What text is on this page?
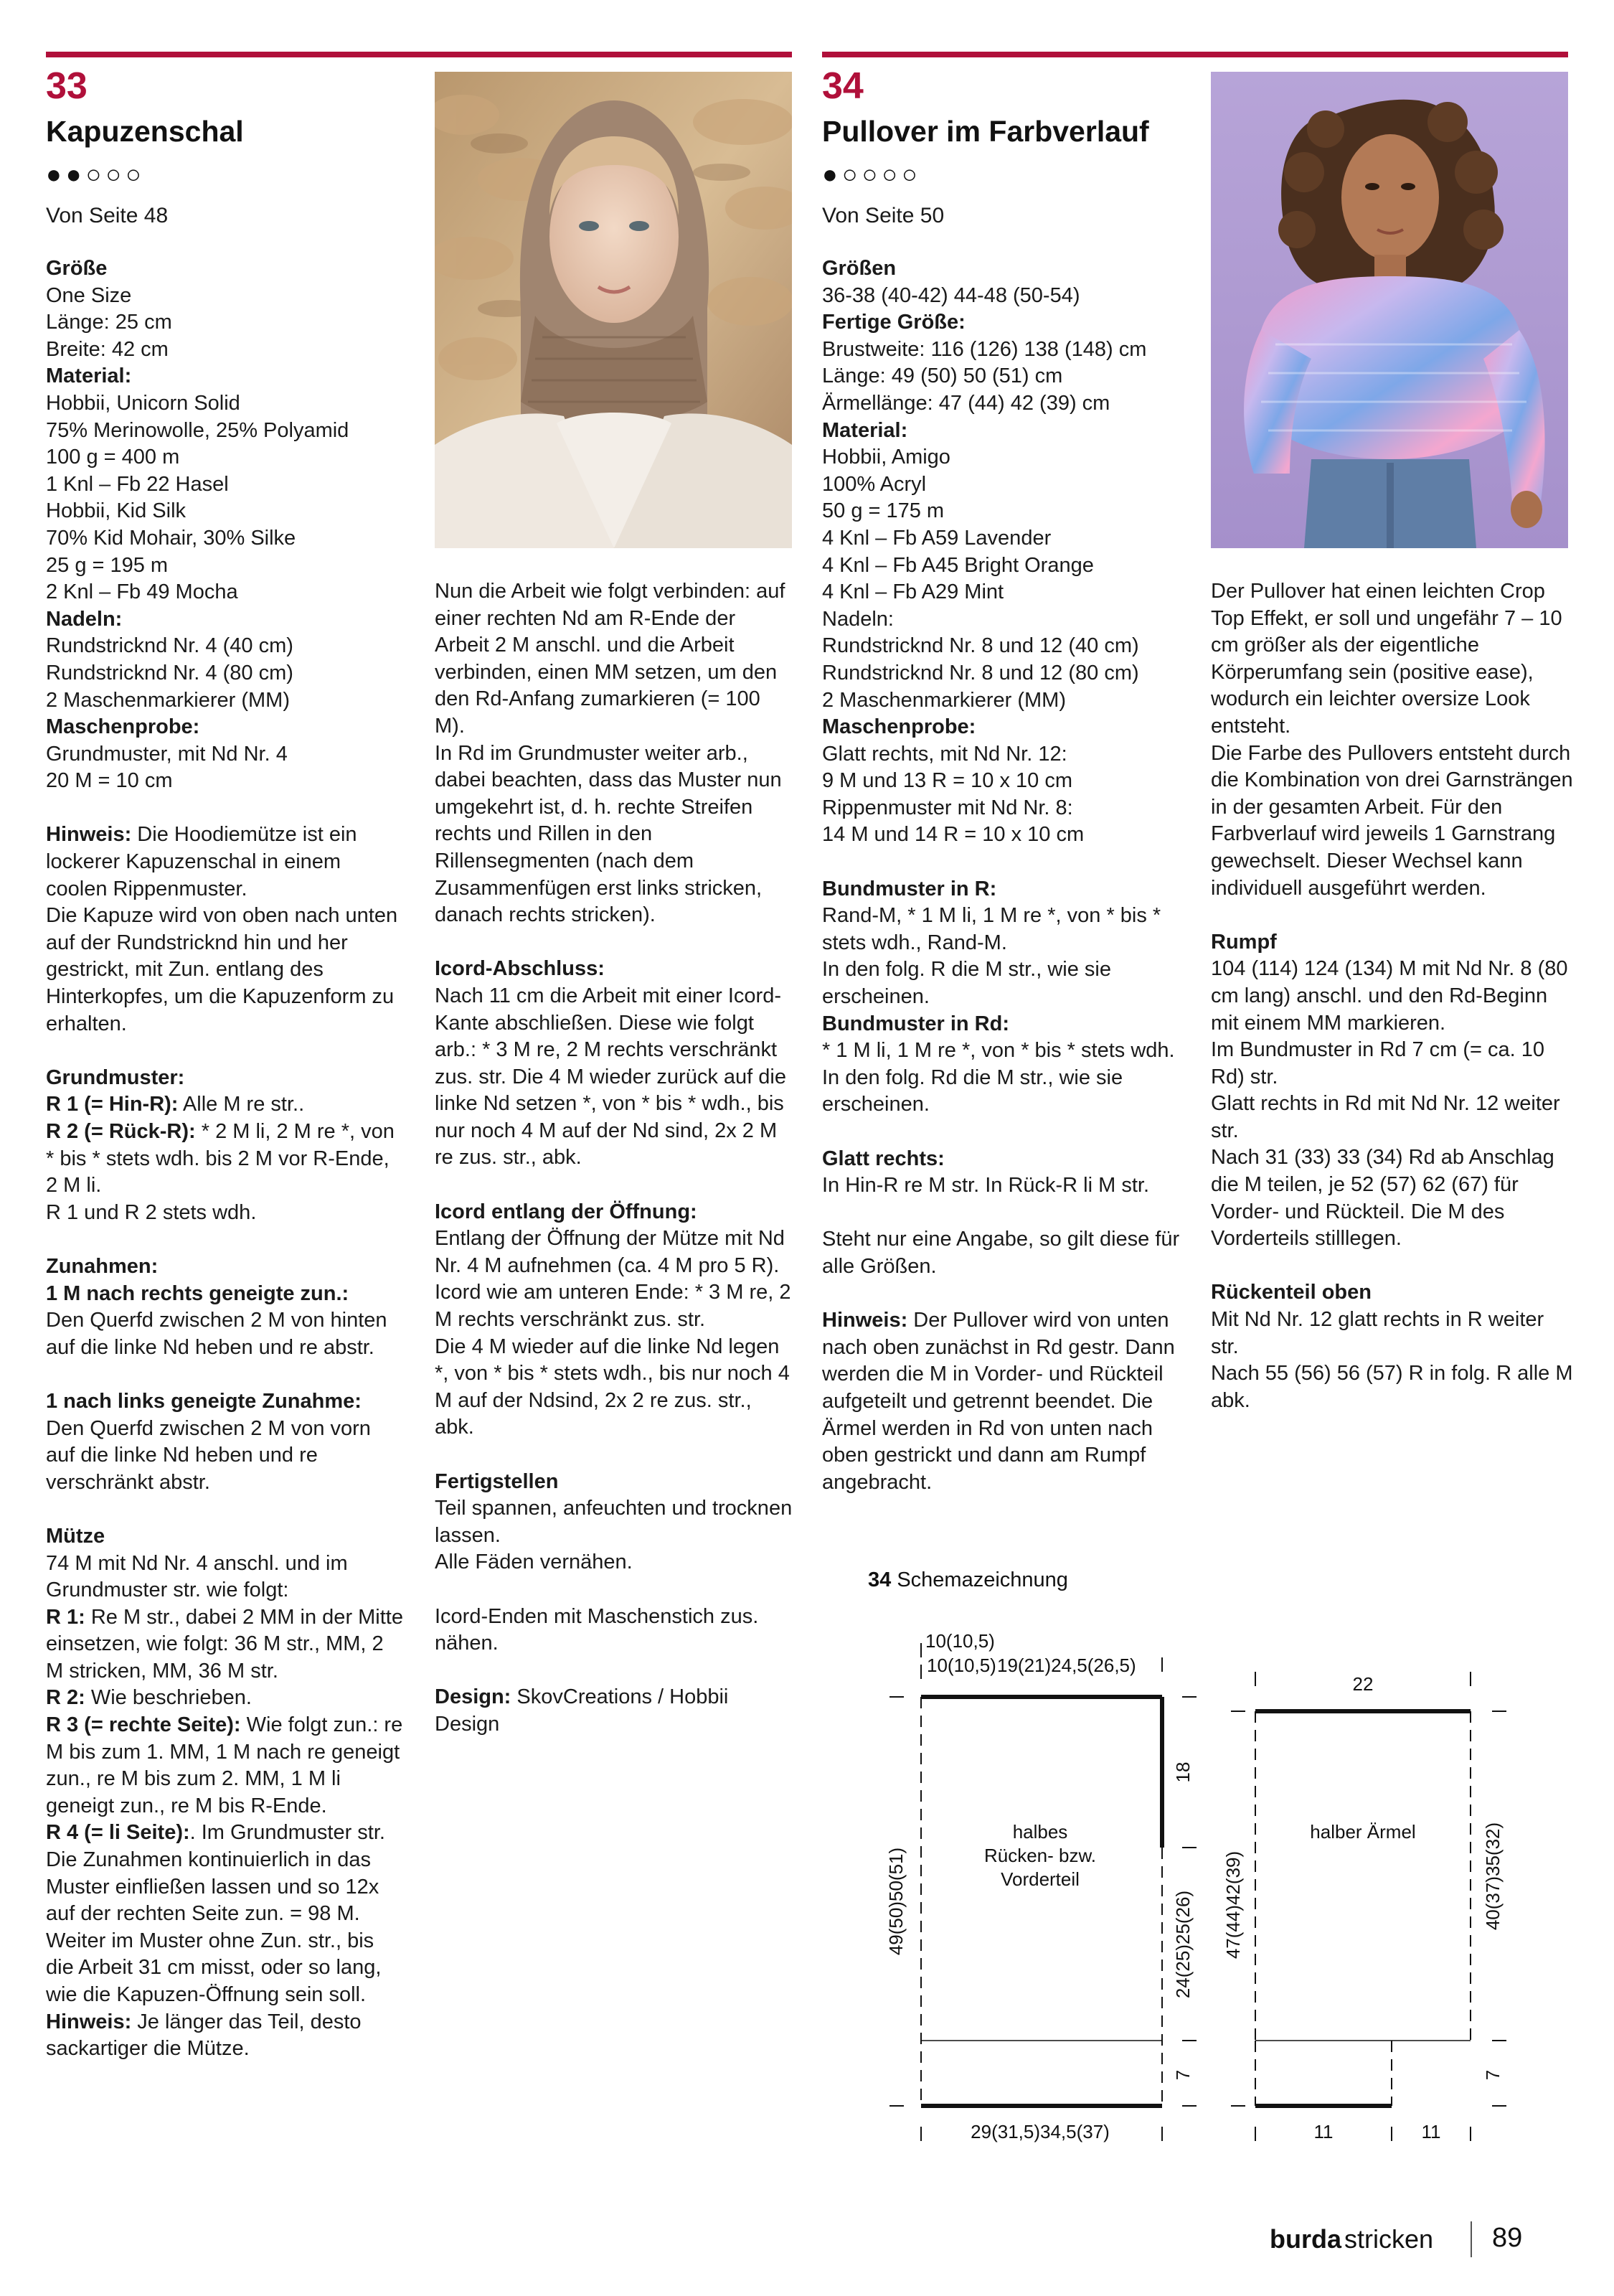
33
Kapuzenschal
●●○○○
Von Seite 48
Größe
One Size
Länge: 25 cm
Breite: 42 cm
Material:
Hobbii, Unicorn Solid
75% Merinowolle, 25% Polyamid
100 g = 400 m
1 Knl – Fb 22 Hasel
Hobbii, Kid Silk
70% Kid Mohair, 30% Silke
25 g = 195 m
2 Knl – Fb 49 Mocha
Nadeln:
Rundstricknd Nr. 4 (40 cm)
Rundstricknd Nr. 4 (80 cm)
2 Maschenmarkierer (MM)
Maschenprobe:
Grundmuster, mit Nd Nr. 4

20 M = 10 cm

Hinweis: Die Hoodiemütze ist ein lockerer Kapuzenschal in einem coolen Rippenmuster.

Die Kapuze wird von oben nach unten auf der Rundstricknd hin und her gestrickt, mit Zun. entlang des Hinterkopfes, um die Kapuzenform zu erhalten.

Grundmuster:
R 1 (= Hin-R): Alle M re str..
R 2 (= Rück-R): * 2 M li, 2 M re *, von * bis * stets wdh. bis 2 M vor R-Ende, 2 M li.

R 1 und R 2 stets wdh.

Zunahmen:
1 M nach rechts geneigte zun.:

Den Querfd zwischen 2 M von hinten auf die linke Nd heben und re abstr.

1 nach links geneigte Zunahme:

Den Querfd zwischen 2 M von vorn auf die linke Nd heben und re verschränkt abstr.

Mütze
74 M mit Nd Nr. 4 anschl. und im Grundmuster str. wie folgt:
R 1: Re M str., dabei 2 MM in der Mitte einsetzen, wie folgt: 36 M str., MM, 2 M stricken, MM, 36 M str.
R 2: Wie beschrieben.
R 3 (= rechte Seite): Wie folgt zun.: re M bis zum 1. MM, 1 M nach re geneigt zun., re M bis zum 2. MM, 1 M li geneigt zun., re M bis R-Ende.
R 4 (= li Seite):. Im Grundmuster str. Die Zunahmen kontinuierlich in das Muster einfließen lassen und so 12x auf der rechten Seite zun. = 98 M. Weiter im Muster ohne Zun. str., bis die Arbeit 31 cm misst, oder so lang, wie die Kapuzen-Öffnung sein soll.
Hinweis: Je länger das Teil, desto sackartiger die Mütze.
Nun die Arbeit wie folgt verbinden: auf einer rechten Nd am R-Ende der Arbeit 2 M anschl. und die Arbeit verbinden, einen MM setzen, um den den Rd-Anfang zumarkieren (= 100 M).

In Rd im Grundmuster weiter arb., dabei beachten, dass das Muster nun umgekehrt ist, d. h. rechte Streifen rechts und Rillen in den Rillensegmenten (nach dem Zusammenfügen erst links stricken, danach rechts stricken).

Icord-Abschluss:

Nach 11 cm die Arbeit mit einer Icord-Kante abschließen. Diese wie folgt arb.: * 3 M re, 2 M rechts verschränkt zus. str. Die 4 M wieder zurück auf die linke Nd setzen *, von * bis * wdh., bis nur noch 4 M auf der Nd sind, 2x 2 M re zus. str., abk.

Icord entlang der Öffnung:
Entlang der Öffnung der Mütze mit Nd Nr. 4 M aufnehmen (ca. 4 M pro 5 R).
Icord wie am unteren Ende: * 3 M re, 2 M rechts verschränkt zus. str.

Die 4 M wieder auf die linke Nd legen *, von * bis * stets wdh., bis nur noch 4 M auf der Ndsind, 2x 2 re zus. str., abk.

Fertigstellen
Teil spannen, anfeuchten und trocknen lassen.

Alle Fäden vernähen.

Icord-Enden mit Maschenstich zus. nähen.

Design: SkovCreations / Hobbii Design
34
Pullover im Farbverlauf
●○○○○
Von Seite 50
Größen
36-38 (40-42) 44-48 (50-54)
Fertige Größe:
Brustweite: 116 (126) 138 (148) cm
Länge: 49 (50) 50 (51) cm
Ärmellänge: 47 (44) 42 (39) cm
Material:
Hobbii, Amigo
100% Acryl
50 g = 175 m
4 Knl – Fb A59 Lavender
4 Knl – Fb A45 Bright Orange
4 Knl – Fb A29 Mint
Nadeln:
Rundstricknd Nr. 8 und 12 (40 cm)
Rundstricknd Nr. 8 und 12 (80 cm)
2 Maschenmarkierer (MM)
Maschenprobe:
Glatt rechts, mit Nd Nr. 12:
9 M und 13 R = 10 x 10 cm
Rippenmuster mit Nd Nr. 8:

14 M und 14 R = 10 x 10 cm

Bundmuster in R:
Rand-M, * 1 M li, 1 M re *, von * bis * stets wdh., Rand-M.
In den folg. R die M str., wie sie erscheinen.
Bundmuster in Rd:

* 1 M li, 1 M re *, von * bis * stets wdh. In den folg. Rd die M str., wie sie erscheinen.

Glatt rechts:

In Hin-R re M str. In Rück-R li M str.

Steht nur eine Angabe, so gilt diese für alle Größen.

Hinweis: Der Pullover wird von unten nach oben zunächst in Rd gestr. Dann werden die M in Vorder- und Rückteil aufgeteilt und getrennt beendet. Die Ärmel werden in Rd von unten nach oben gestrickt und dann am Rumpf angebracht.
Der Pullover hat einen leichten Crop Top Effekt, er soll und ungefähr 7 – 10 cm größer als der eigentliche Körperumfang sein (positive ease), wodurch ein leichter oversize Look entsteht.

Die Farbe des Pullovers entsteht durch die Kombination von drei Garnsträngen in der gesamten Arbeit. Für den Farbverlauf wird jeweils 1 Garnstrang gewechselt. Dieser Wechsel kann individuell ausgeführt werden.

Rumpf
104 (114) 124 (134) M mit Nd Nr. 8 (80 cm lang) anschl. und den Rd-Beginn mit einem MM markieren.
Im Bundmuster in Rd 7 cm (= ca. 10 Rd) str.
Glatt rechts in Rd mit Nd Nr. 12 weiter str.

Nach 31 (33) 33 (34) Rd ab Anschlag die M teilen, je 52 (57) 62 (67) für Vorder- und Rückteil. Die M des Vorderteils stilllegen.

Rückenteil oben
Mit Nd Nr. 12 glatt rechts in R weiter str.
Nach 55 (56) 56 (57) R in folg. R alle M abk.
34 Schemazeichnung
10(10,5)
10(10,5) 19(21)24,5(26,5)
49(50)50(51)
18
24(25)25(26)
7
halbes
Rücken- bzw.
Vorderteil
29(31,5)34,5(37)
22
halber Ärmel
47(44)42(39)	40(37)35(32)
7
11	11
burda stricken 89
